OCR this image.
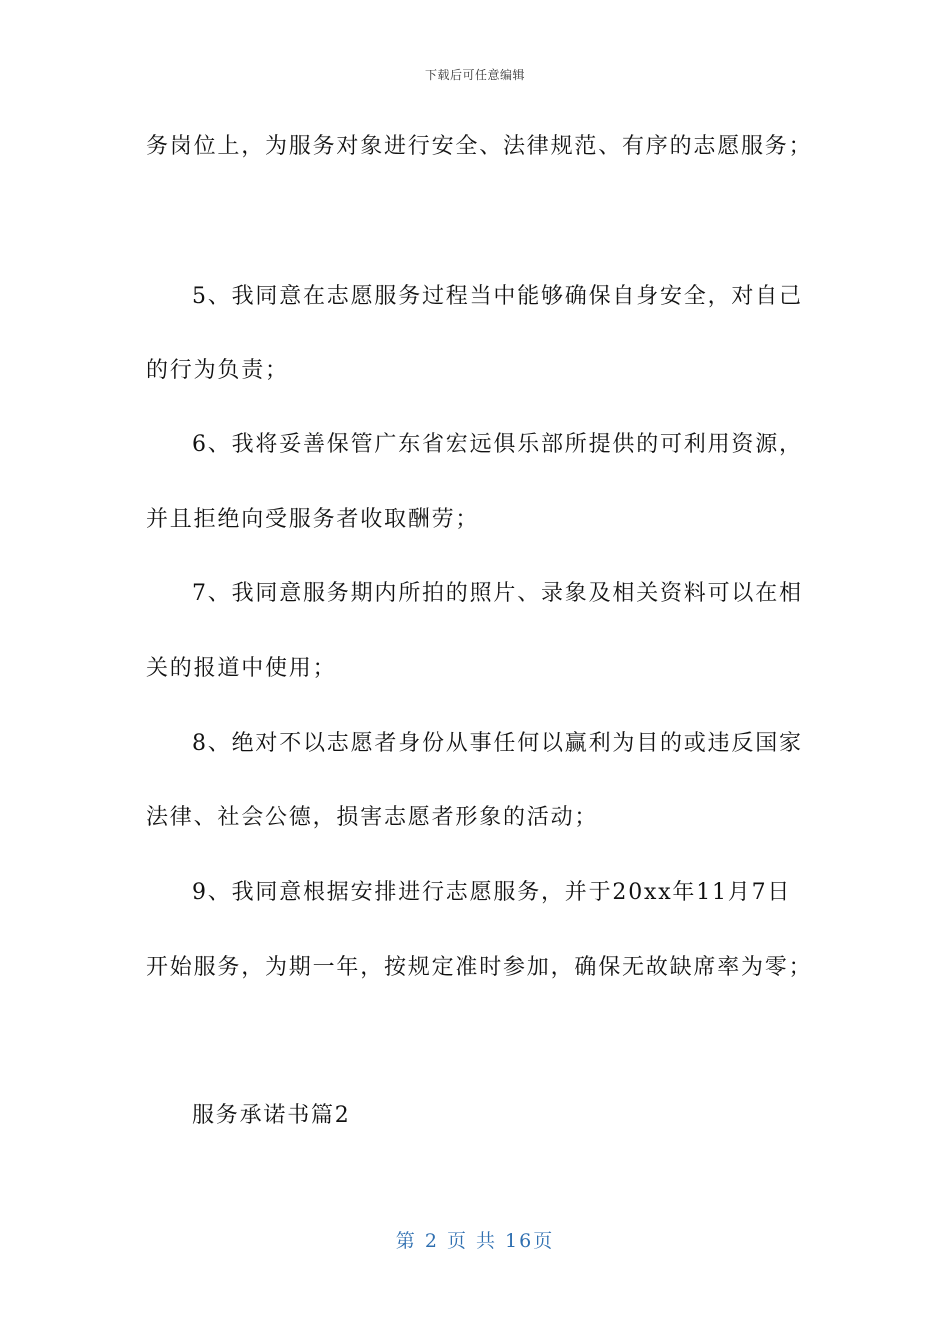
下载后可任意编辑
务岗位上，为服务对象进行安全、法律规范、有序的志愿服务；
5、我同意在志愿服务过程当中能够确保自身安全，对自己
的行为负责；
6、我将妥善保管广东省宏远俱乐部所提供的可利用资源，
并且拒绝向受服务者收取酬劳；
7、我同意服务期内所拍的照片、录象及相关资料可以在相
关的报道中使用；
8、绝对不以志愿者身份从事任何以赢利为目的或违反国家
法律、社会公德，损害志愿者形象的活动；
9、我同意根据安排进行志愿服务，并于20xx年11月7日
开始服务，为期一年，按规定准时参加，确保无故缺席率为零；
服务承诺书篇2
第 2 页 共 16页
